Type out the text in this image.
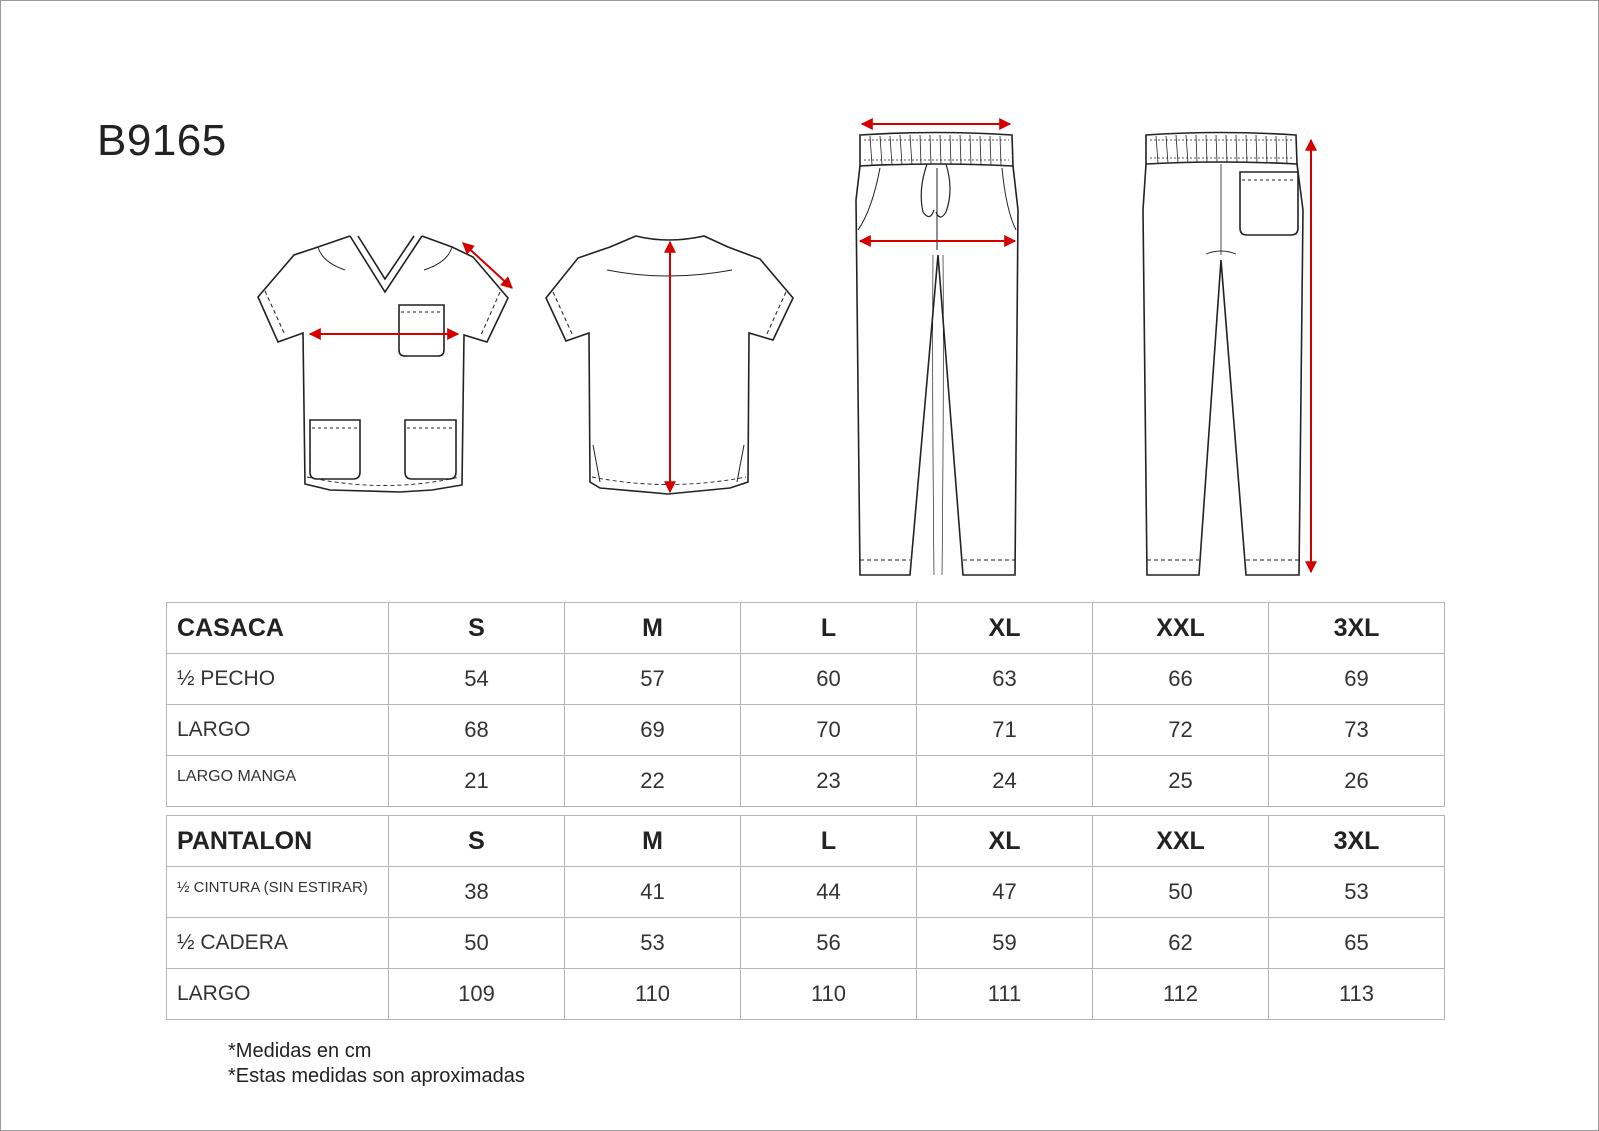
B9165
CASACA	S	M	L	XL	XXL	3XL
½ PECHO	54	57	60	63	66	69
LARGO	68	69	70	71	72	73
LARGO MANGA	21	22	23	24	25	26
PANTALON	S	M	L	XL	XXL	3XL
½ CINTURA (SIN ESTIRAR)	38	41	44	47	50	53
½ CADERA	50	53	56	59	62	65
LARGO	109	110	110	111	112	113
*Medidas en cm
*Estas medidas son aproximadas
